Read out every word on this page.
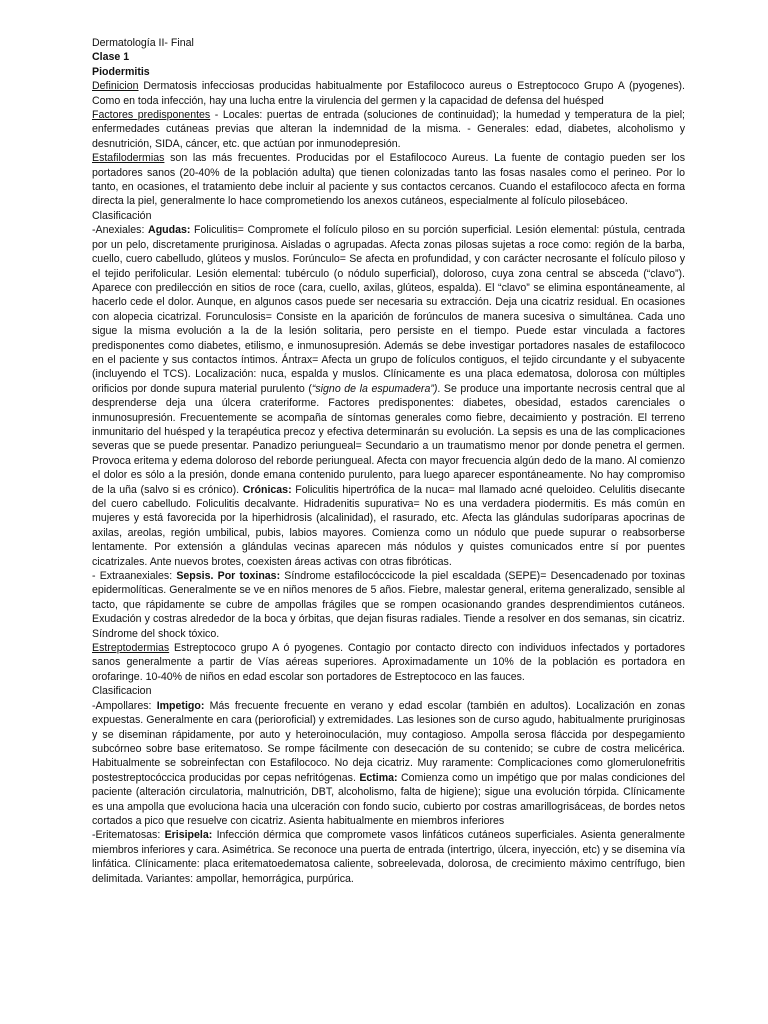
Dermatología II- Final

Clase 1

Piodermitis

Definicion Dermatosis infecciosas producidas habitualmente por Estafilococo aureus o Estreptococo Grupo A (pyogenes). Como en toda infección, hay una lucha entre la virulencia del germen y la capacidad de defensa del huésped

Factores predisponentes - Locales: puertas de entrada (soluciones de continuidad); la humedad y temperatura de la piel; enfermedades cutáneas previas que alteran la indemnidad de la misma. - Generales: edad, diabetes, alcoholismo y desnutrición, SIDA, cáncer, etc. que actúan por inmunodepresión.

Estafilodermias son las más frecuentes. Producidas por el Estafilococo Aureus. La fuente de contagio pueden ser los portadores sanos (20-40% de la población adulta) que tienen colonizadas tanto las fosas nasales como el perineo. Por lo tanto, en ocasiones, el tratamiento debe incluir al paciente y sus contactos cercanos. Cuando el estafilococo afecta en forma directa la piel, generalmente lo hace comprometiendo los anexos cutáneos, especialmente al folículo pilosebáceo.

Clasificación

-Anexiales: Agudas: Foliculitis= Compromete el folículo piloso en su porción superficial. Lesión elemental: pústula, centrada por un pelo, discretamente pruriginosa. Aisladas o agrupadas. Afecta zonas pilosas sujetas a roce como: región de la barba, cuello, cuero cabelludo, glúteos y muslos. Forúnculo= Se afecta en profundidad, y con carácter necrosante el folículo piloso y el tejido perifolicular. Lesión elemental: tubérculo (o nódulo superficial), doloroso, cuya zona central se absceda (“clavo”). Aparece con predilección en sitios de roce (cara, cuello, axilas, glúteos, espalda). El “clavo” se elimina espontáneamente, al hacerlo cede el dolor. Aunque, en algunos casos puede ser necesaria su extracción. Deja una cicatriz residual. En ocasiones con alopecia cicatrizal. Forunculosis= Consiste en la aparición de forúnculos de manera sucesiva o simultánea. Cada uno sigue la misma evolución a la de la lesión solitaria, pero persiste en el tiempo. Puede estar vinculada a factores predisponentes como diabetes, etilismo, e inmunosupresión. Además se debe investigar portadores nasales de estafilococo en el paciente y sus contactos íntimos. Ántrax= Afecta un grupo de folículos contiguos, el tejido circundante y el subyacente (incluyendo el TCS). Localización: nuca, espalda y muslos. Clínicamente es una placa edematosa, dolorosa con múltiples orificios por donde supura material purulento (“signo de la espumadera”). Se produce una importante necrosis central que al desprenderse deja una úlcera crateriforme. Factores predisponentes: diabetes, obesidad, estados carenciales o inmunosupresión. Frecuentemente se acompaña de síntomas generales como fiebre, decaimiento y postración. El terreno inmunitario del huésped y la terapéutica precoz y efectiva determinarán su evolución. La sepsis es una de las complicaciones severas que se puede presentar. Panadizo periungueal= Secundario a un traumatismo menor por donde penetra el germen. Provoca eritema y edema doloroso del reborde periungueal. Afecta con mayor frecuencia algún dedo de la mano. Al comienzo el dolor es sólo a la presión, donde emana contenido purulento, para luego aparecer espontáneamente. No hay compromiso de la uña (salvo si es crónico). Crónicas: Foliculitis hipertrófica de la nuca= mal llamado acné queloideo. Celulitis disecante del cuero cabelludo. Foliculitis decalvante. Hidradenitis supurativa= No es una verdadera piodermitis. Es más común en mujeres y está favorecida por la hiperhidrosis (alcalinidad), el rasurado, etc. Afecta las glándulas sudoríparas apocrinas de axilas, areolas, región umbilical, pubis, labios mayores. Comienza como un nódulo que puede supurar o reabsorberse lentamente. Por extensión a glándulas vecinas aparecen más nódulos y quistes comunicados entre sí por puentes cicatrizales. Ante nuevos brotes, coexisten áreas activas con otras fibróticas.

- Extraanexiales: Sepsis. Por toxinas: Síndrome estafilocóccicode la piel escaldada (SEPE)= Desencadenado por toxinas epidermolíticas. Generalmente se ve en niños menores de 5 años. Fiebre, malestar general, eritema generalizado, sensible al tacto, que rápidamente se cubre de ampollas frágiles que se rompen ocasionando grandes desprendimientos cutáneos. Exudación y costras alrededor de la boca y órbitas, que dejan fisuras radiales. Tiende a resolver en dos semanas, sin cicatriz. Síndrome del shock tóxico.

Estreptodermias Estreptococo grupo A ó pyogenes. Contagio por contacto directo con individuos infectados y portadores sanos generalmente a partir de Vías aéreas superiores. Aproximadamente un 10% de la población es portadora en orofaringe. 10-40% de niños en edad escolar son portadores de Estreptococo en las fauces.

Clasificacion

-Ampollares: Impetigo: Más frecuente frecuente en verano y edad escolar (también en adultos). Localización en zonas expuestas. Generalmente en cara (perioroficial) y extremidades. Las lesiones son de curso agudo, habitualmente pruriginosas y se diseminan rápidamente, por auto y heteroinoculación, muy contagioso. Ampolla serosa fláccida por despegamiento subcórneo sobre base eritematoso. Se rompe fácilmente con desecación de su contenido; se cubre de costra melicérica. Habitualmente se sobreinfectan con Estafilococo. No deja cicatriz. Muy raramente: Complicaciones como glomerulonefritis postestreptocóccica producidas por cepas nefritógenas. Ectima: Comienza como un impétigo que por malas condiciones del paciente (alteración circulatoria, malnutrición, DBT, alcoholismo, falta de higiene); sigue una evolución tórpida. Clínicamente es una ampolla que evoluciona hacia una ulceración con fondo sucio, cubierto por costras amarillogrisáceas, de bordes netos cortados a pico que resuelve con cicatriz. Asienta habitualmente en miembros inferiores

-Eritematosas: Erisipela: Infección dérmica que compromete vasos linfáticos cutáneos superficiales. Asienta generalmente miembros inferiores y cara. Asimétrica. Se reconoce una puerta de entrada (intertrigo, úlcera, inyección, etc) y se disemina vía linfática. Clínicamente: placa eritematoedematosa caliente, sobreelevada, dolorosa, de crecimiento máximo centrífugo, bien delimitada. Variantes: ampollar, hemorrágica, purpúrica.
